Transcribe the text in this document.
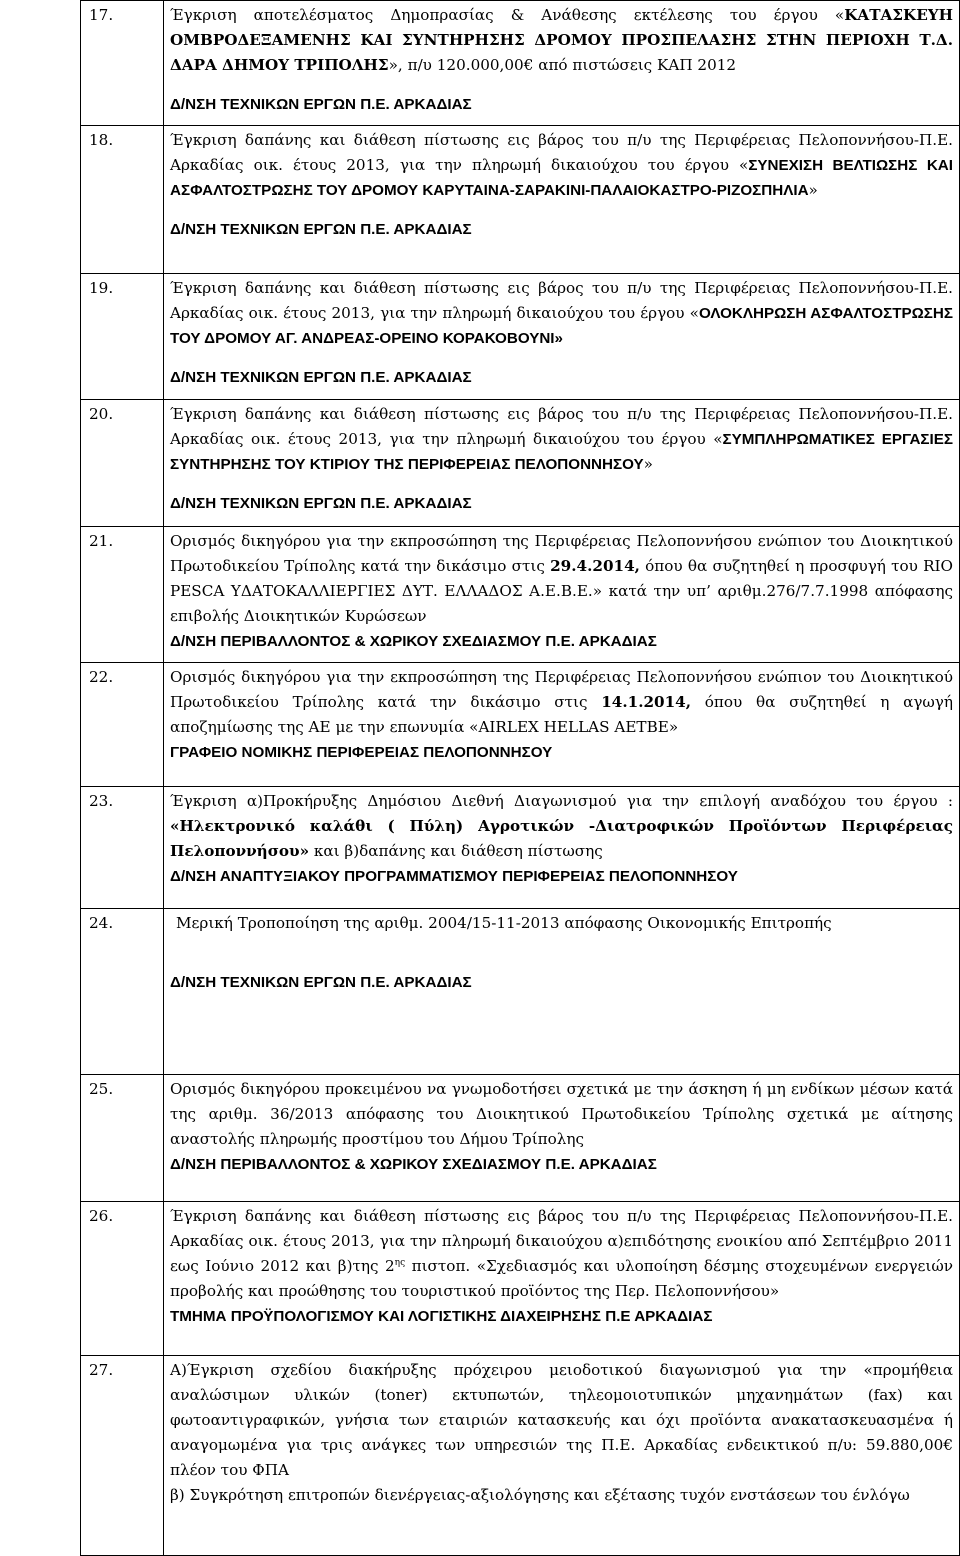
17.	Έγκριση αποτελέσματος Δημοπρασίας & Ανάθεσης εκτέλεσης του έργου «ΚΑΤΑΣΚΕΥΗ ΟΜΒΡΟΔΕΞΑΜΕΝΗΣ ΚΑΙ ΣΥΝΤΗΡΗΣΗΣ ΔΡΟΜΟΥ ΠΡΟΣΠΕΛΑΣΗΣ ΣΤΗΝ ΠΕΡΙΟΧΗ Τ.Δ. ΔΑΡΑ ΔΗΜΟΥ ΤΡΙΠΟΛΗΣ», π/υ 120.000,00€ από πιστώσεις ΚΑΠ 2012
Δ/ΝΣΗ ΤΕΧΝΙΚΩΝ ΕΡΓΩΝ Π.Ε. ΑΡΚΑΔΙΑΣ

18.	Έγκριση δαπάνης και διάθεση πίστωσης εις βάρος του π/υ της Περιφέρειας Πελοποννήσου-Π.Ε. Αρκαδίας οικ. έτους 2013, για την πληρωμή δικαιούχου του έργου «ΣΥΝΕΧΙΣΗ ΒΕΛΤΙΩΣΗΣ ΚΑΙ ΑΣΦΑΛΤΟΣΤΡΩΣΗΣ ΤΟΥ ΔΡΟΜΟΥ ΚΑΡΥΤΑΙΝΑ-ΣΑΡΑΚΙΝΙ-ΠΑΛΑΙΟΚΑΣΤΡΟ-ΡΙΖΟΣΠΗΛΙΑ»
Δ/ΝΣΗ ΤΕΧΝΙΚΩΝ ΕΡΓΩΝ Π.Ε. ΑΡΚΑΔΙΑΣ

19.	Έγκριση δαπάνης και διάθεση πίστωσης εις βάρος του π/υ της Περιφέρειας Πελοποννήσου-Π.Ε. Αρκαδίας οικ. έτους 2013, για την πληρωμή δικαιούχου του έργου «ΟΛΟΚΛΗΡΩΣΗ ΑΣΦΑΛΤΟΣΤΡΩΣΗΣ ΤΟΥ ΔΡΟΜΟΥ ΑΓ. ΑΝΔΡΕΑΣ-ΟΡΕΙΝΟ ΚΟΡΑΚΟΒΟΥΝΙ»
Δ/ΝΣΗ ΤΕΧΝΙΚΩΝ ΕΡΓΩΝ Π.Ε. ΑΡΚΑΔΙΑΣ

20.	Έγκριση δαπάνης και διάθεση πίστωσης εις βάρος του π/υ της Περιφέρειας Πελοποννήσου-Π.Ε. Αρκαδίας οικ. έτους 2013, για την πληρωμή δικαιούχου του έργου «ΣΥΜΠΛΗΡΩΜΑΤΙΚΕΣ ΕΡΓΑΣΙΕΣ ΣΥΝΤΗΡΗΣΗΣ ΤΟΥ ΚΤΙΡΙΟΥ ΤΗΣ ΠΕΡΙΦΕΡΕΙΑΣ ΠΕΛΟΠΟΝΝΗΣΟΥ»
Δ/ΝΣΗ ΤΕΧΝΙΚΩΝ ΕΡΓΩΝ Π.Ε. ΑΡΚΑΔΙΑΣ

21.	Ορισμός δικηγόρου για την εκπροσώπηση της Περιφέρειας Πελοποννήσου ενώπιον του Διοικητικού Πρωτοδικείου Τρίπολης κατά την δικάσιμο στις 29.4.2014, όπου θα συζητηθεί η προσφυγή του RIO PESCA ΥΔΑΤΟΚΑΛΛΙΕΡΓΙΕΣ ΔΥΤ. ΕΛΛΑΔΟΣ Α.Ε.Β.Ε.» κατά την υπ’ αριθμ.276/7.7.1998 απόφασης επιβολής Διοικητικών Κυρώσεων
Δ/ΝΣΗ ΠΕΡΙΒΑΛΛΟΝΤΟΣ & ΧΩΡΙΚΟΥ ΣΧΕΔΙΑΣΜΟΥ Π.Ε. ΑΡΚΑΔΙΑΣ

22.	Ορισμός δικηγόρου για την εκπροσώπηση της Περιφέρειας Πελοποννήσου ενώπιον του Διοικητικού Πρωτοδικείου Τρίπολης κατά την δικάσιμο στις 14.1.2014, όπου θα συζητηθεί η αγωγή αποζημίωσης της ΑΕ με την επωνυμία «AIRLEX HELLAS AETBE»
ΓΡΑΦΕΙΟ ΝΟΜΙΚΗΣ ΠΕΡΙΦΕΡΕΙΑΣ ΠΕΛΟΠΟΝΝΗΣΟΥ

23.	Έγκριση α)Προκήρυξης Δημόσιου Διεθνή Διαγωνισμού για την επιλογή αναδόχου του έργου : «Ηλεκτρονικό καλάθι ( Πύλη) Αγροτικών -Διατροφικών Προϊόντων Περιφέρειας Πελοποννήσου» και β)δαπάνης και διάθεση πίστωσης
Δ/ΝΣΗ ΑΝΑΠΤΥΞΙΑΚΟΥ ΠΡΟΓΡΑΜΜΑΤΙΣΜΟΥ ΠΕΡΙΦΕΡΕΙΑΣ ΠΕΛΟΠΟΝΝΗΣΟΥ

24.	Μερική Τροποποίηση της αριθμ. 2004/15-11-2013 απόφασης Οικονομικής Επιτροπής
Δ/ΝΣΗ ΤΕΧΝΙΚΩΝ ΕΡΓΩΝ Π.Ε. ΑΡΚΑΔΙΑΣ

25.	Ορισμός δικηγόρου προκειμένου να γνωμοδοτήσει σχετικά με την άσκηση ή μη ενδίκων μέσων κατά της αριθμ. 36/2013 απόφασης του Διοικητικού Πρωτοδικείου Τρίπολης σχετικά με αίτησης αναστολής πληρωμής προστίμου του Δήμου Τρίπολης
Δ/ΝΣΗ ΠΕΡΙΒΑΛΛΟΝΤΟΣ & ΧΩΡΙΚΟΥ ΣΧΕΔΙΑΣΜΟΥ Π.Ε. ΑΡΚΑΔΙΑΣ

26.	Έγκριση δαπάνης και διάθεση πίστωσης εις βάρος του π/υ της Περιφέρειας Πελοποννήσου-Π.Ε. Αρκαδίας οικ. έτους 2013, για την πληρωμή δικαιούχου α)επιδότησης ενοικίου από Σεπτέμβριο 2011 εως Ιούνιο 2012 και β)της $2^{\eta\varsigma}$ πιστοπ. «Σχεδιασμός και υλοποίηση δέσμης στοχευμένων ενεργειών προβολής και προώθησης του τουριστικού προϊόντος της Περ. Πελοποννήσου»
ΤΜΗΜΑ ΠΡΟΫΠΟΛΟΓΙΣΜΟΥ ΚΑΙ ΛΟΓΙΣΤΙΚΗΣ ΔΙΑΧΕΙΡΗΣΗΣ Π.Ε ΑΡΚΑΔΙΑΣ

27.	Α)Έγκριση σχεδίου διακήρυξης πρόχειρου μειοδοτικού διαγωνισμού για την «προμήθεια αναλώσιμων υλικών (toner) εκτυπωτών, τηλεομοιοτυπικών μηχανημάτων (fax) και φωτοαντιγραφικών, γνήσια των εταιριών κατασκευής και όχι προϊόντα ανακατασκευασμένα ή αναγομωμένα για τρις ανάγκες των υπηρεσιών της Π.Ε. Αρκαδίας ενδεικτικού π/υ: 59.880,00€ πλέον του ΦΠΑ
β) Συγκρότηση επιτροπών διενέργειας-αξιολόγησης και εξέτασης τυχόν ενστάσεων του ένλόγω
